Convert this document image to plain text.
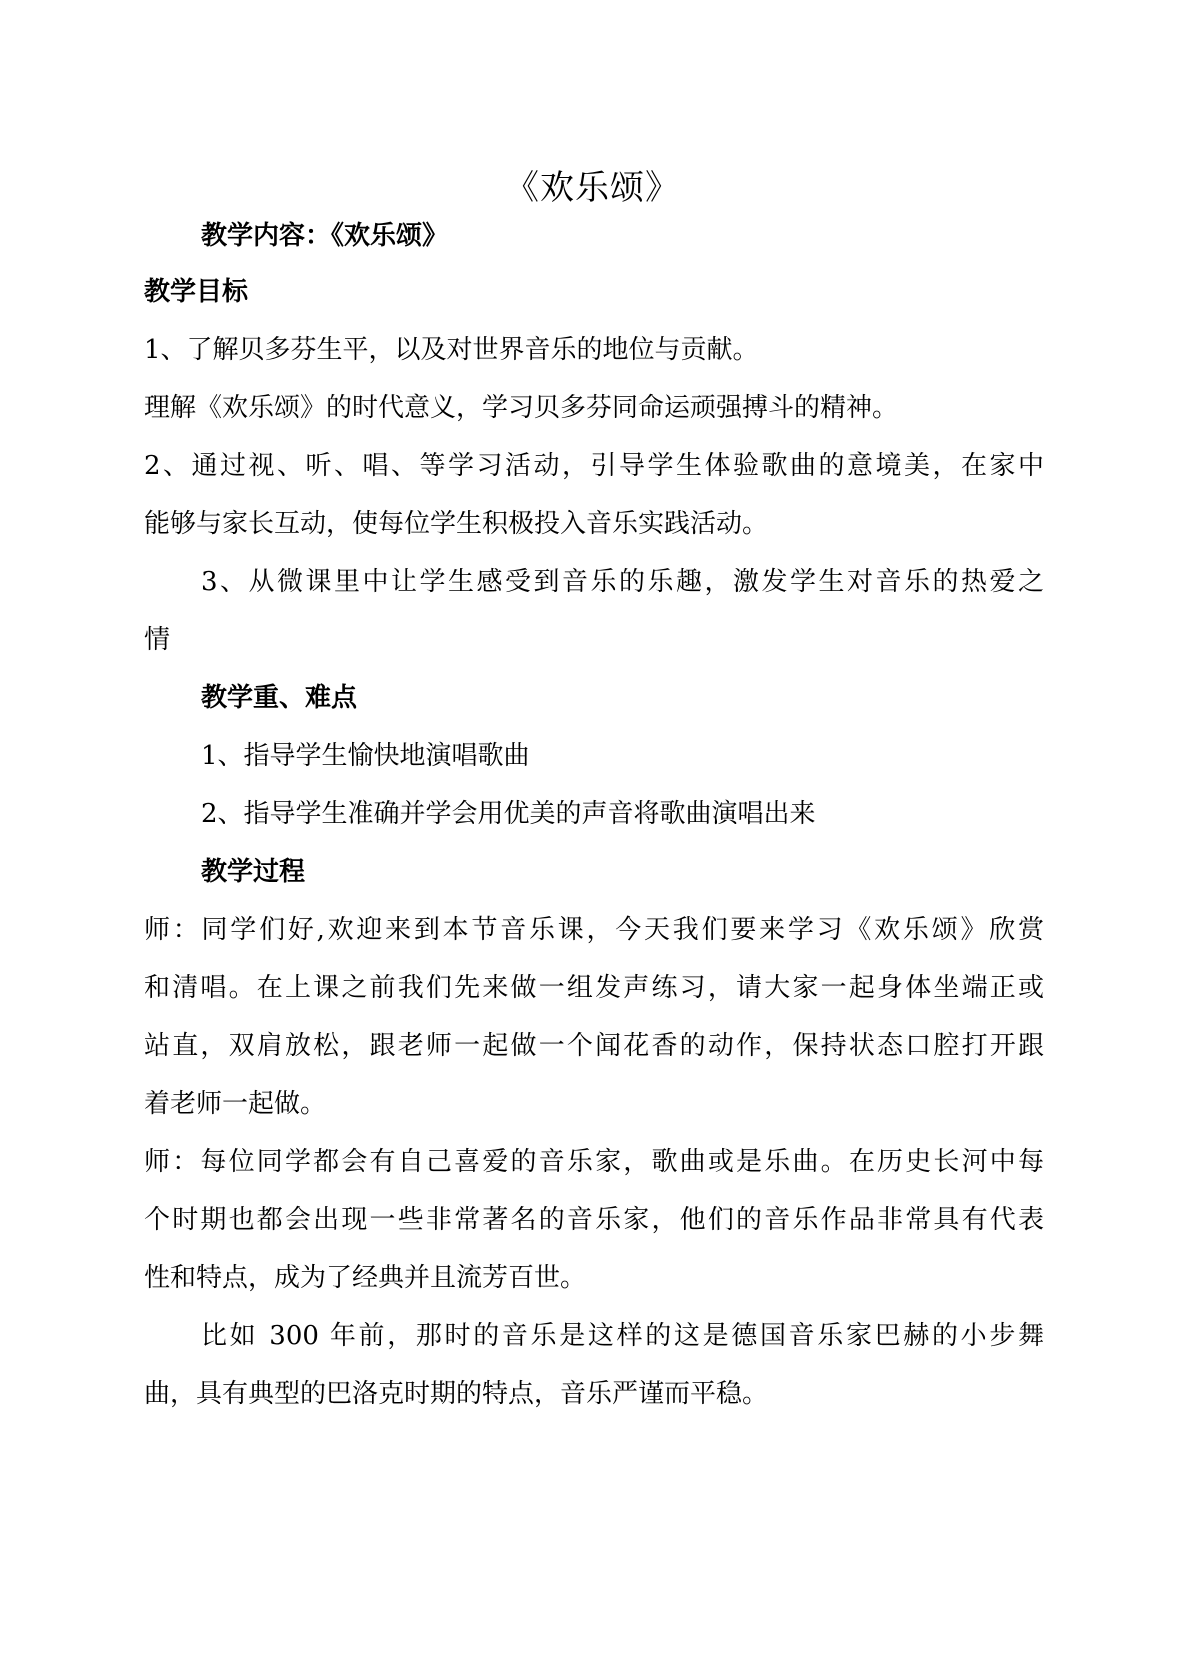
《欢乐颂》

教学内容：《欢乐颂》

教学目标

1、了解贝多芬生平，以及对世界音乐的地位与贡献。

理解《欢乐颂》的时代意义，学习贝多芬同命运顽强搏斗的精神。

2、通过视、听、唱、等学习活动，引导学生体验歌曲的意境美，在家中

能够与家长互动，使每位学生积极投入音乐实践活动。

3、从微课里中让学生感受到音乐的乐趣，激发学生对音乐的热爱之

情

教学重、难点

1、指导学生愉快地演唱歌曲

2、指导学生准确并学会用优美的声音将歌曲演唱出来

教学过程

师：同学们好,欢迎来到本节音乐课，今天我们要来学习《欢乐颂》欣赏

和清唱。在上课之前我们先来做一组发声练习，请大家一起身体坐端正或

站直，双肩放松，跟老师一起做一个闻花香的动作，保持状态口腔打开跟

着老师一起做。

师：每位同学都会有自己喜爱的音乐家，歌曲或是乐曲。在历史长河中每

个时期也都会出现一些非常著名的音乐家，他们的音乐作品非常具有代表

性和特点，成为了经典并且流芳百世。

比如 300 年前，那时的音乐是这样的这是德国音乐家巴赫的小步舞

曲，具有典型的巴洛克时期的特点，音乐严谨而平稳。
